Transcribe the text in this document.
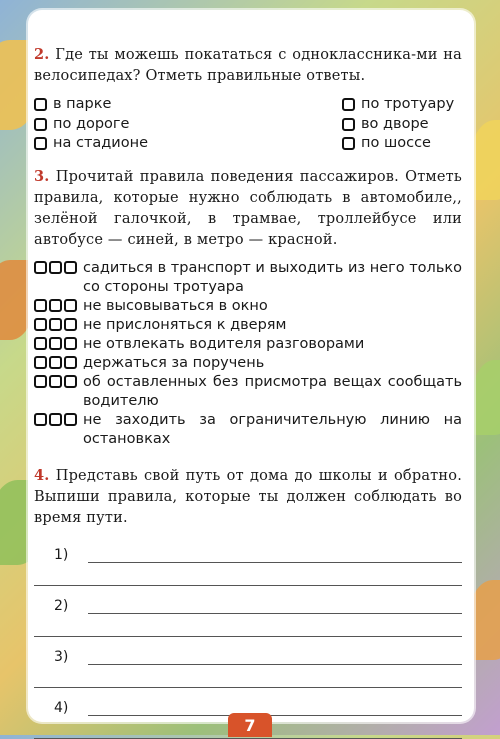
2. Где ты можешь покататься с одноклассника-ми на велосипедах? Отметь правильные ответы.
в парке
по дороге
на стадионе
по тротуару
во дворе
по шоссе
3. Прочитай правила поведения пассажиров. Отметь правила, которые нужно соблюдать в автомобиле,, зелёной галочкой, в трамвае, троллейбусе или автобусе — синей, в метро — красной.
садиться в транспорт и выходить из него только со стороны тротуара
не высовываться в окно
не прислоняться к дверям
не отвлекать водителя разговорами
держаться за поручень
об оставленных без присмотра вещах сообщать водителю
не заходить за ограничительную линию на остановках
4. Представь свой путь от дома до школы и обратно. Выпиши правила, которые ты должен соблюдать во время пути.
1)
2)
3)
4)
7
